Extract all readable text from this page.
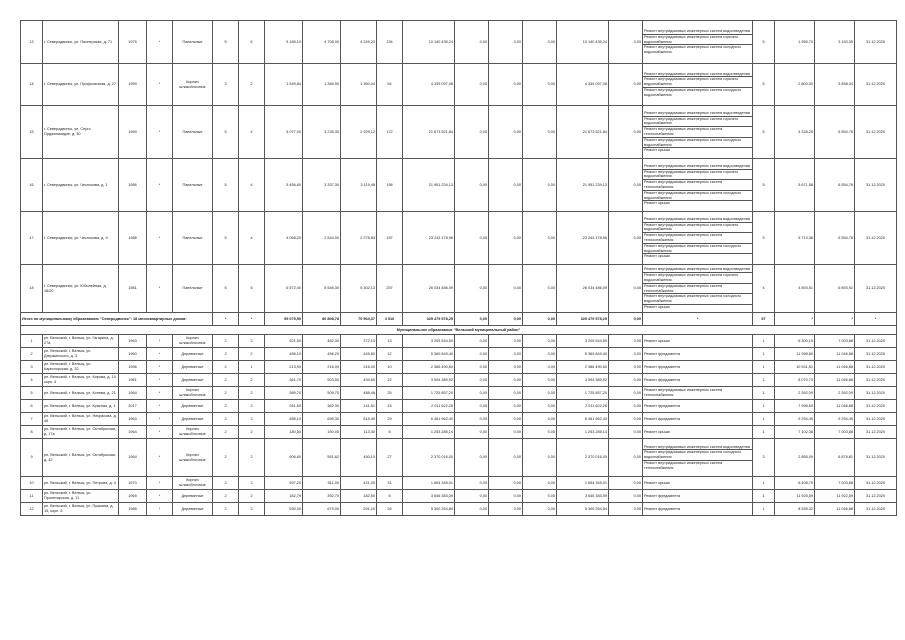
13	г. Северодвинск, ул. Пионерская, д. 71	1975	*	Панельные	5	6	5 185,10	4 708,00	4 249,23	234	10 140 435,24	0,00	0,00	0,00	10 140 435,24	0,00	Ремонт внутридомовых инженерных систем водоотведения
Ремонт внутридомовых инженерных систем горячего водоснабжения
Ремонт внутридомовых инженерных систем холодного водоснабжения	5	1 955,70	3 153,35	31.12.2020
14	г. Северодвинск, ул. Профсоюзная, д. 27	1959	*	Кирпич шлакоблочные	3	2	1 549,84	1 366,90	1 360,04	54	4 339 097,08	0,00	0,00	0,00	4 339 097,08	0,00	Ремонт внутридомовых инженерных систем водоотведения
Ремонт внутридомовых инженерных систем горячего водоснабжения
Ремонт внутридомовых инженерных систем холодного водоснабжения	5	2 800,30	3 858,34	31.12.2020
15	г. Северодвинск, ул. Серго Орджоникидзе, д. 30	1969	*	Панельные	5	4	5 077,00	3 235,30	2 929,12	172	21 673 521,84	0,00	0,00	0,00	21 673 521,84	0,00	Ремонт внутридомовых инженерных систем водоотведения
Ремонт внутридомовых инженерных систем горячего водоснабжения
Ремонт внутридомовых инженерных систем теплоснабжения
Ремонт внутридомовых инженерных систем холодного водоснабжения
Ремонт крыши	5	4 328,26	6 554,76	31.12.2020
16	г. Северодвинск, ул. Чеснокова, д. 1	1986	*	Панельные	5	4	5 456,60	3 337,30	3 119,48	198	21 951 234,13	0,00	0,00	0,00	21 951 234,13	0,00	Ремонт внутридомовых инженерных систем водоотведения
Ремонт внутридомовых инженерных систем горячего водоснабжения
Ремонт внутридомовых инженерных систем теплоснабжения
Ремонт внутридомовых инженерных систем холодного водоснабжения
Ремонт крыши	5	5 671,58	6 554,76	31.12.2020
17	г. Северодвинск, ул. Чеснокова, д. 9	1988	*	Панельные	5	4	4 068,20	2 544,00	2 278,83	197	23 243 178,96	0,00	0,00	0,00	23 243 178,96	0,00	Ремонт внутридомовых инженерных систем водоотведения
Ремонт внутридомовых инженерных систем горячего водоснабжения
Ремонт внутридомовых инженерных систем теплоснабжения
Ремонт внутридомовых инженерных систем холодного водоснабжения
Ремонт крыши	5	5 713,38	6 554,76	31.12.2020
18	г. Северодвинск, ул. Юбилейная, д. 18/20	1981	*	Панельные	5	6	6 572,40	5 546,30	5 302,13	257	26 034 486,09	0,00	0,00	0,00	26 034 486,09	0,00	Ремонт внутридомовых инженерных систем водоотведения
Ремонт внутридомовых инженерных систем горячего водоснабжения
Ремонт внутридомовых инженерных систем теплоснабжения
Ремонт внутридомовых инженерных систем холодного водоснабжения
Ремонт крыши	4	4 893,51	6 893,92	31.12.2020
Итого по муниципальному образованию "Северодвинск": 18 многоквартирных домов:					*	*	95 075,50	80 808,78	70 964,37	3 516	325 479 578,25	0,00	0,00	0,00	325 479 578,25	0,00	*	57	*	*	*
Муниципальное образование "Вельский муниципальный район"																					
1	рп. Вельский, г. Вельск, ул. Гагарина, д. 27а	1963	*	Кирпич шлакоблочные	2	2	521,50	462,30	272,10	13	3 205 544,50	0,00	0,00	0,00	3 205 544,50	0,00	Ремонт крыши	1	6 300,15	7 003,88	31.12.2020
2	рп. Вельский, г. Вельск, ул. Дзержинского, д. 3	1960	*	Деревянные	2	2	456,10	456,20	445,80	12	5 369 849,40	0,00	0,00	0,00	5 369 849,40	0,00	Ремонт фундамента	1	11 998,80	11 046,88	31.12.2020
3	рп. Вельский, г. Вельск, ул. Карпогорская, д. 32	1956	*	Деревянные	2	1	213,90	216,00	216,00	10	2 386 490,60	0,00	0,00	0,00	2 386 490,60	0,00	Ремонт фундамента	1	10 531,51	11 046,88	31.12.2020
4	рп. Вельский, г. Вельск, ул. Кирова, д. 14, корп. 4	1961	*	Деревянные	2	2	361,70	503,50	494,60	22	3 594 389,92	0,00	0,00	0,00	3 594 389,92	0,00	Ремонт фундамента	1	8 070,73	11 046,88	31.12.2020
5	рп. Вельский, г. Вельск, ул. Конева, д. 21	1964	*	Кирпич шлакоблочные	2	2	589,70	509,70	488,46	25	1 725 857,20	0,00	0,00	0,00	1 725 857,20	0,00	Ремонт внутридомовых инженерных систем теплоснабжения	1	2 392,09	2 392,09	31.12.2020
6	рп. Вельский, г. Вельск, ул. Красная, д. 1	2017	*	Деревянные	2	2	251,50	362,30	141,51	15	2 011 622,28	0,00	0,00	0,00	2 011 622,28	0,00	Ремонт фундамента	1	7 998,50	11 046,88	31.12.2020
7	рп. Вельский, г. Вельск, ул. Некрасова, д. 46	1963	*	Деревянные	2	2	685,10	695,30	615,40	29	6 461 962,40	0,00	0,00	0,00	6 461 962,40	0,00	Ремонт фундамента	1	9 294,45	9 294,45	31.12.2020
8	рп. Вельский, г. Вельск, ул. Октябрьская, д. 17а	1964	*	Кирпич шлакоблочные	2	2	180,50	190,00	113,30	8	1 253 285,14	0,00	0,00	0,00	1 253 285,14	0,00	Ремонт крыши	1	7 102,38	7 003,88	31.12.2020
9	рп. Вельский, г. Вельск, ул. Октябрьская, д. 42	1964	*	Кирпич шлакоблочные	2	2	606,60	551,62	490,10	27	2 370 016,00	0,00	0,00	0,00	2 370 016,00	0,00	Ремонт внутридомовых инженерных систем водоотведения
Ремонт внутридомовых инженерных систем холодного водоснабжения
Ремонт внутридомовых инженерных систем теплоснабжения	3	2 855,09	6 878,81	31.12.2020
10	рп. Вельский, г. Вельск, ул. Петрова, д. 4	1970	*	Кирпич шлакоблочные	2	2	597,20	511,00	421,00	31	1 654 345,01	0,00	0,00	0,00	1 654 345,01	0,00	Ремонт крыши	1	6 408,79	7 003,88	31.12.2020
11	рп. Вельский, г. Вельск, ул. Пролетарская, д. 11	1969	*	Деревянные	2	2	182,79	392,70	182,50	8	3 646 383,09	0,00	0,00	0,00	3 646 383,09	0,00	Ремонт фундамента	1	11 925,59	11 922,59	31.12.2020
12	рп. Вельский, г. Вельск, ул. Пушкина, д. 15, корп. 6	1985	*	Деревянные	2	2	530,00	679,00	291,10	26	5 300 254,84	0,00	0,00	0,00	5 300 254,84	0,00	Ремонт фундамента	1	8 535,32	11 046,88	31.12.2020
